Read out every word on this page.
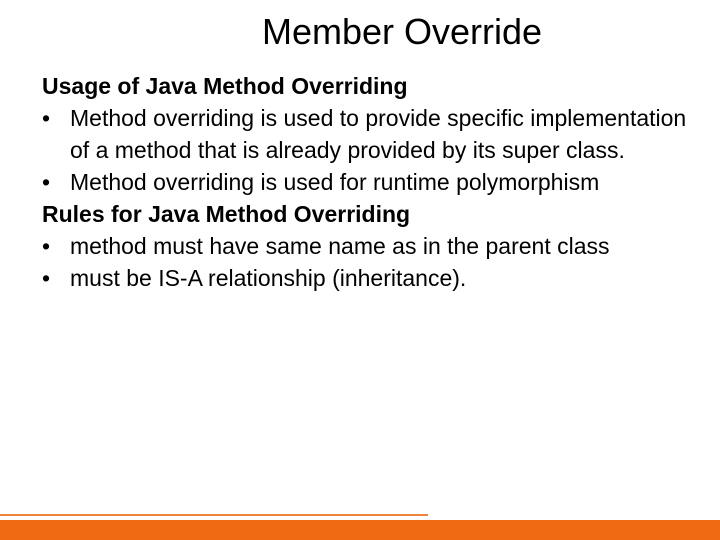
Member Override
Usage of Java Method Overriding
• Method overriding is used to provide specific implementation of a method that is already provided by its super class.
• Method overriding is used for runtime polymorphism
Rules for Java Method Overriding
• method must have same name as in the parent class
• must be IS-A relationship (inheritance).
